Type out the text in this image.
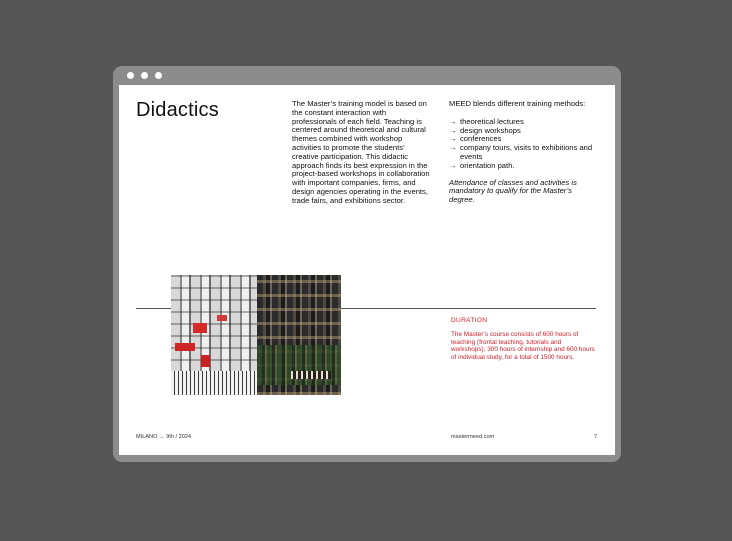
Didactics	The Master’s training model is based on the constant interaction with professionals of each field. Teaching is centered around theoretical and cultural themes combined with workshop activities to promote the students’ creative participation. This didactic approach finds its best expression in the project-based workshops in collaboration with important companies, firms, and design agencies operating in the events, trade fairs, and exhibitions sector.

MEED blends different training methods:

→ theoretical lectures
→ design workshops
→ conferences
→ company tours, visits to exhibitions and events
→ orientation path.

Attendance of classes and activities is mandatory to qualify for the Master’s degree.

DURATION
The Master’s course consists of 600 hours of teaching (frontal teaching, tutorials and workshops), 300 hours of internship and 600 hours of individual study, for a total of 1500 hours.
MILANO → 9th / 2024	mastermeed.com	7
